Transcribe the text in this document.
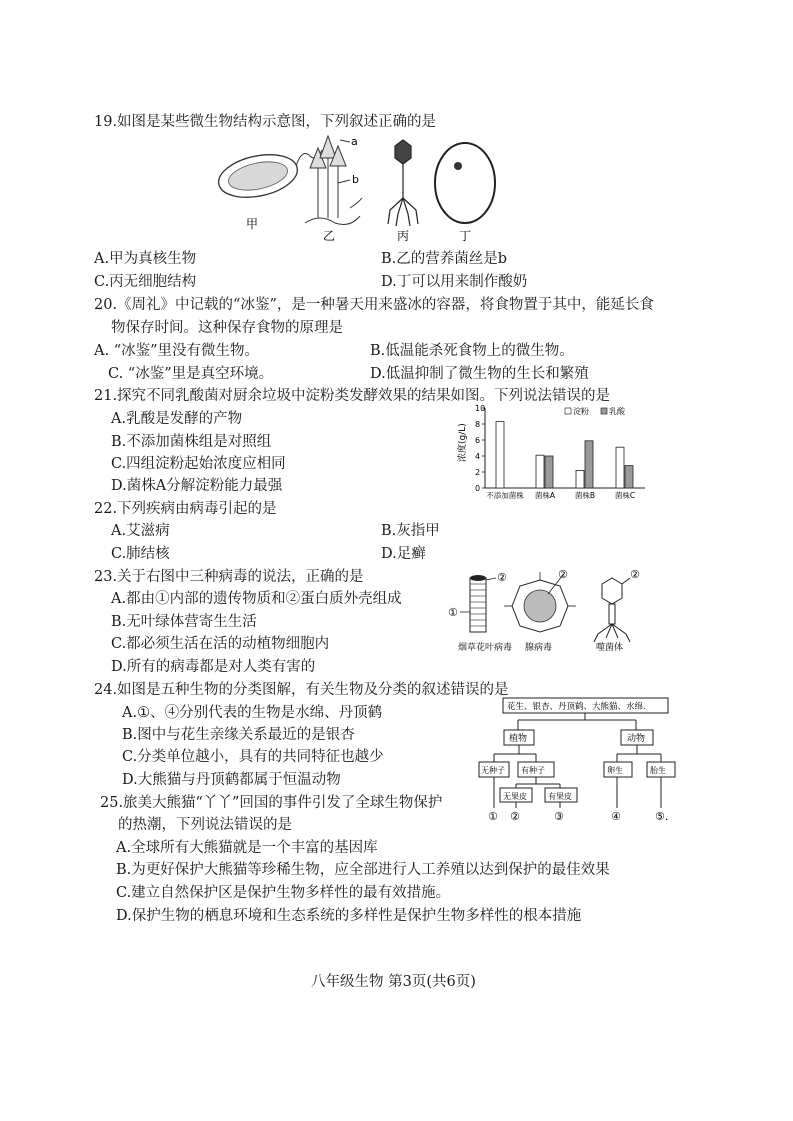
19.如图是某些微生物结构示意图，下列叙述正确的是
a
b
甲
乙	丙	丁
A.甲为真核生物	B.乙的营养菌丝是b
C.丙无细胞结构	D.丁可以用来制作酸奶
20.《周礼》中记载的“冰鉴”，是一种暑天用来盛冰的容器，将食物置于其中，能延长食
物保存时间。这种保存食物的原理是
A. “冰鉴”里没有微生物。	B.低温能杀死食物上的微生物。
C. “冰鉴”里是真空环境。	D.低温抑制了微生物的生长和繁殖
21.探究不同乳酸菌对厨余垃圾中淀粉类发酵效果的结果如图。下列说法错误的是
A.乳酸是发酵的产物
B.不添加菌株组是对照组
C.四组淀粉起始浓度应相同
D.菌株A分解淀粉能力最强	0
2
4
6
8
10
不添加菌株 菌株A	菌株B	菌株C
浓度(g/L)
淀粉	乳酸
22.下列疾病由病毒引起的是
A.艾滋病	B.灰指甲
C.肺结核	D.足癣
23.关于右图中三种病毒的说法，正确的是
A.都由①内部的遗传物质和②蛋白质外壳组成
B.无叶绿体营寄生生活
C.都必须生活在活的动植物细胞内
D.所有的病毒都是对人类有害的
②
①
②	②
烟草花叶病毒 腺病毒	噬菌体
24.如图是五种生物的分类图解，有关生物及分类的叙述错误的是
A.①、④分别代表的生物是水绵、丹顶鹤
B.图中与花生亲缘关系最近的是银杏
C.分类单位越小，具有的共同特征也越少
D.大熊猫与丹顶鹤都属于恒温动物
花生、银杏、丹顶鹤、大熊猫、水绵.
植物	动物
无种子 有种子	卵生	胎生
无果皮	有果皮
① ②	③	④	⑤.
25.旅美大熊猫“丫丫”回国的事件引发了全球生物保护
的热潮，下列说法错误的是
A.全球所有大熊猫就是一个丰富的基因库
B.为更好保护大熊猫等珍稀生物，应全部进行人工养殖以达到保护的最佳效果
C.建立自然保护区是保护生物多样性的最有效措施。
D.保护生物的栖息环境和生态系统的多样性是保护生物多样性的根本措施
八年级生物 第3页(共6页)
